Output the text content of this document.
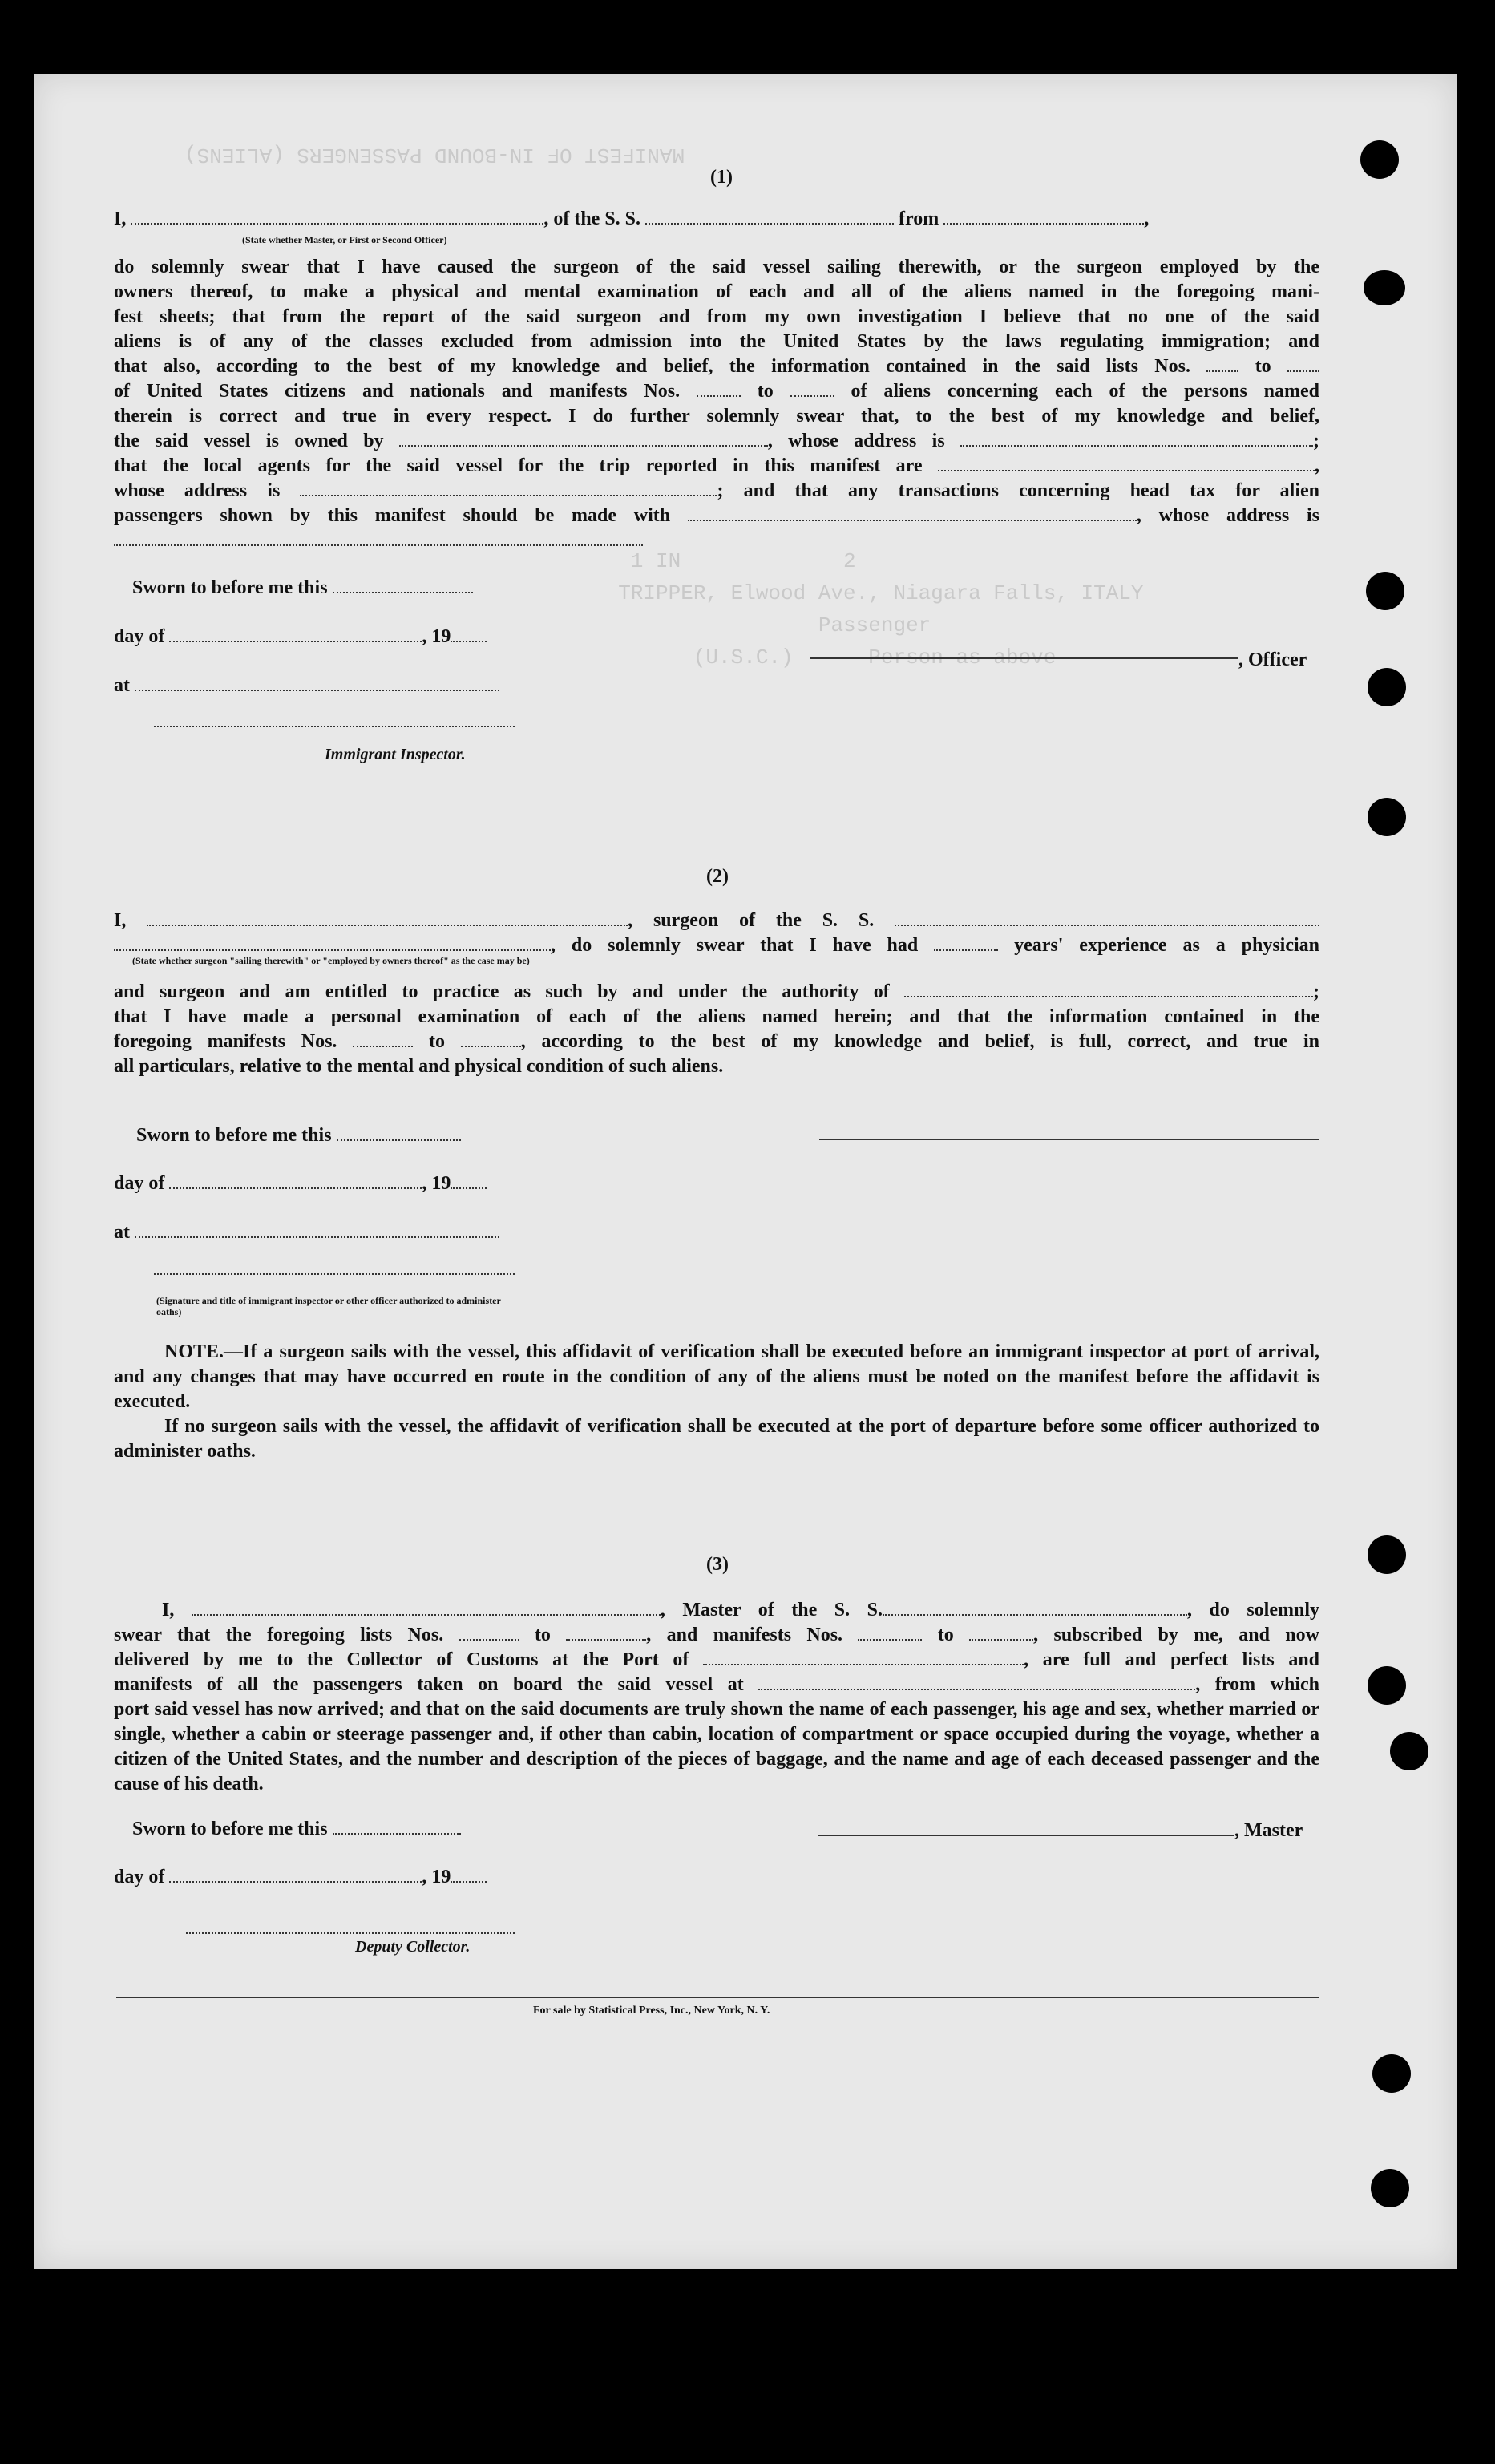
MANIFEST OF IN-BOUND PASSENGERS (ALIENS)
1 IN             2
TRIPPER, Elwood Ave., Niagara Falls, ITALY
Passenger
(U.S.C.)      Person as above
(1)
I,	, of the S. S.	from	,
(State whether Master, or First or Second Officer)
do solemnly swear that I have caused the surgeon of the said vessel sailing therewith, or the surgeon employed by the
owners thereof, to make a physical and mental examination of each and all of the aliens named in the foregoing mani-
fest sheets; that from the report of the said surgeon and from my own investigation I believe that no one of the said
aliens is of any of the classes excluded from admission into the United States by the laws regulating immigration; and
that also, according to the best of my knowledge and belief, the information contained in the said lists Nos.	to
of United States citizens and nationals and manifests Nos.	to	of aliens concerning each of the persons named
therein is correct and true in every respect. I do further solemnly swear that, to the best of my knowledge and belief,
the said vessel is owned by	, whose address is	;
that the local agents for the said vessel for the trip reported in this manifest are	,
whose address is	; and that any transactions concerning head tax for alien
passengers shown by this manifest should be made with	, whose address is
Sworn to before me this
day of	, 19
at
Immigrant Inspector.
, Officer
(2)
I,	, surgeon of the S. S.
, do solemnly swear that I have had	years' experience as a physician
(State whether surgeon "sailing therewith" or "employed by owners thereof" as the case may be)
and surgeon and am entitled to practice as such by and under the authority of	;
that I have made a personal examination of each of the aliens named herein; and that the information contained in the
foregoing manifests Nos.	to	, according to the best of my knowledge and belief, is full, correct, and true in
all particulars, relative to the mental and physical condition of such aliens.
Sworn to before me this
day of	, 19
at
(Signature and title of immigrant inspector or other officer authorized to administer oaths)
NOTE.—If a surgeon sails with the vessel, this affidavit of verification shall be executed before an immigrant inspector at port of arrival, and any changes that may have occurred en route in the condition of any of the aliens must be noted on the manifest before the affidavit is executed.
If no surgeon sails with the vessel, the affidavit of verification shall be executed at the port of departure before some officer authorized to administer oaths.
(3)
I,	, Master of the S. S.	, do solemnly
swear that the foregoing lists Nos.	to	, and manifests Nos.	to	, subscribed by me, and now
delivered by me to the Collector of Customs at the Port of	, are full and perfect lists and
manifests of all the passengers taken on board the said vessel at	, from which
port said vessel has now arrived; and that on the said documents are truly shown the name of each passenger, his age and sex, whether married or single, whether a cabin or steerage passenger and, if other than cabin, location of compartment or space occupied during the voyage, whether a citizen of the United States, and the number and description of the pieces of baggage, and the name and age of each deceased passenger and the cause of his death.
Sworn to before me this
day of	, 19
Deputy Collector.
, Master
For sale by Statistical Press, Inc., New York, N. Y.
